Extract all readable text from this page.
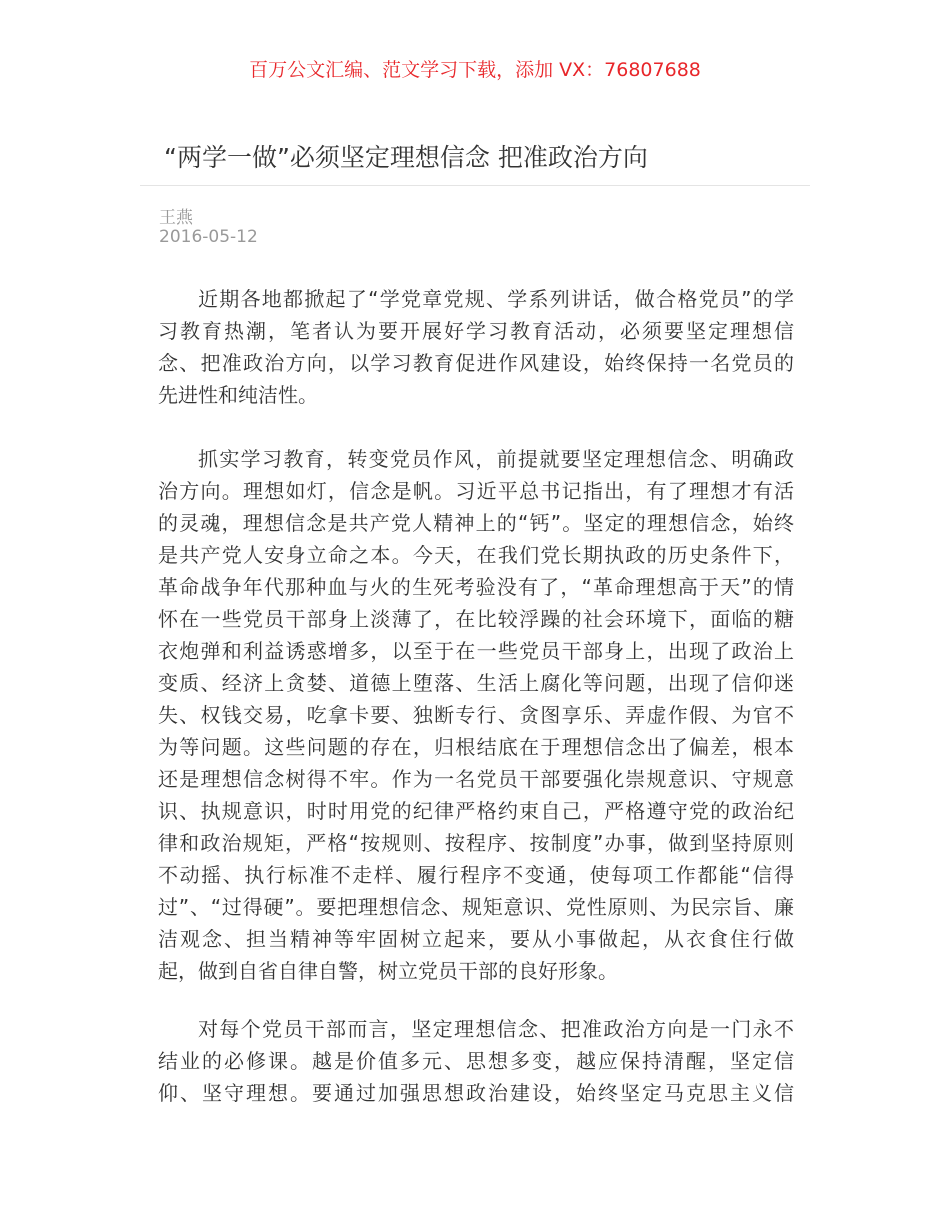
百万公文汇编、范文学习下载，添加 VX：76807688
“两学一做”必须坚定理想信念 把准政治方向
王燕
2016-05-12
近期各地都掀起了“学党章党规、学系列讲话，做合格党员”的学
习教育热潮，笔者认为要开展好学习教育活动，必须要坚定理想信
念、把准政治方向，以学习教育促进作风建设，始终保持一名党员的
先进性和纯洁性。
抓实学习教育，转变党员作风，前提就要坚定理想信念、明确政
治方向。理想如灯，信念是帆。习近平总书记指出，有了理想才有活
的灵魂，理想信念是共产党人精神上的“钙”。坚定的理想信念，始终
是共产党人安身立命之本。今天，在我们党长期执政的历史条件下，
革命战争年代那种血与火的生死考验没有了，“革命理想高于天”的情
怀在一些党员干部身上淡薄了，在比较浮躁的社会环境下，面临的糖
衣炮弹和利益诱惑增多，以至于在一些党员干部身上，出现了政治上
变质、经济上贪婪、道德上堕落、生活上腐化等问题，出现了信仰迷
失、权钱交易，吃拿卡要、独断专行、贪图享乐、弄虚作假、为官不
为等问题。这些问题的存在，归根结底在于理想信念出了偏差，根本
还是理想信念树得不牢。作为一名党员干部要强化崇规意识、守规意
识、执规意识，时时用党的纪律严格约束自己，严格遵守党的政治纪
律和政治规矩，严格“按规则、按程序、按制度”办事，做到坚持原则
不动摇、执行标准不走样、履行程序不变通，使每项工作都能“信得
过”、“过得硬”。要把理想信念、规矩意识、党性原则、为民宗旨、廉
洁观念、担当精神等牢固树立起来，要从小事做起，从衣食住行做
起，做到自省自律自警，树立党员干部的良好形象。
对每个党员干部而言，坚定理想信念、把准政治方向是一门永不
结业的必修课。越是价值多元、思想多变，越应保持清醒，坚定信
仰、坚守理想。要通过加强思想政治建设，始终坚定马克思主义信
